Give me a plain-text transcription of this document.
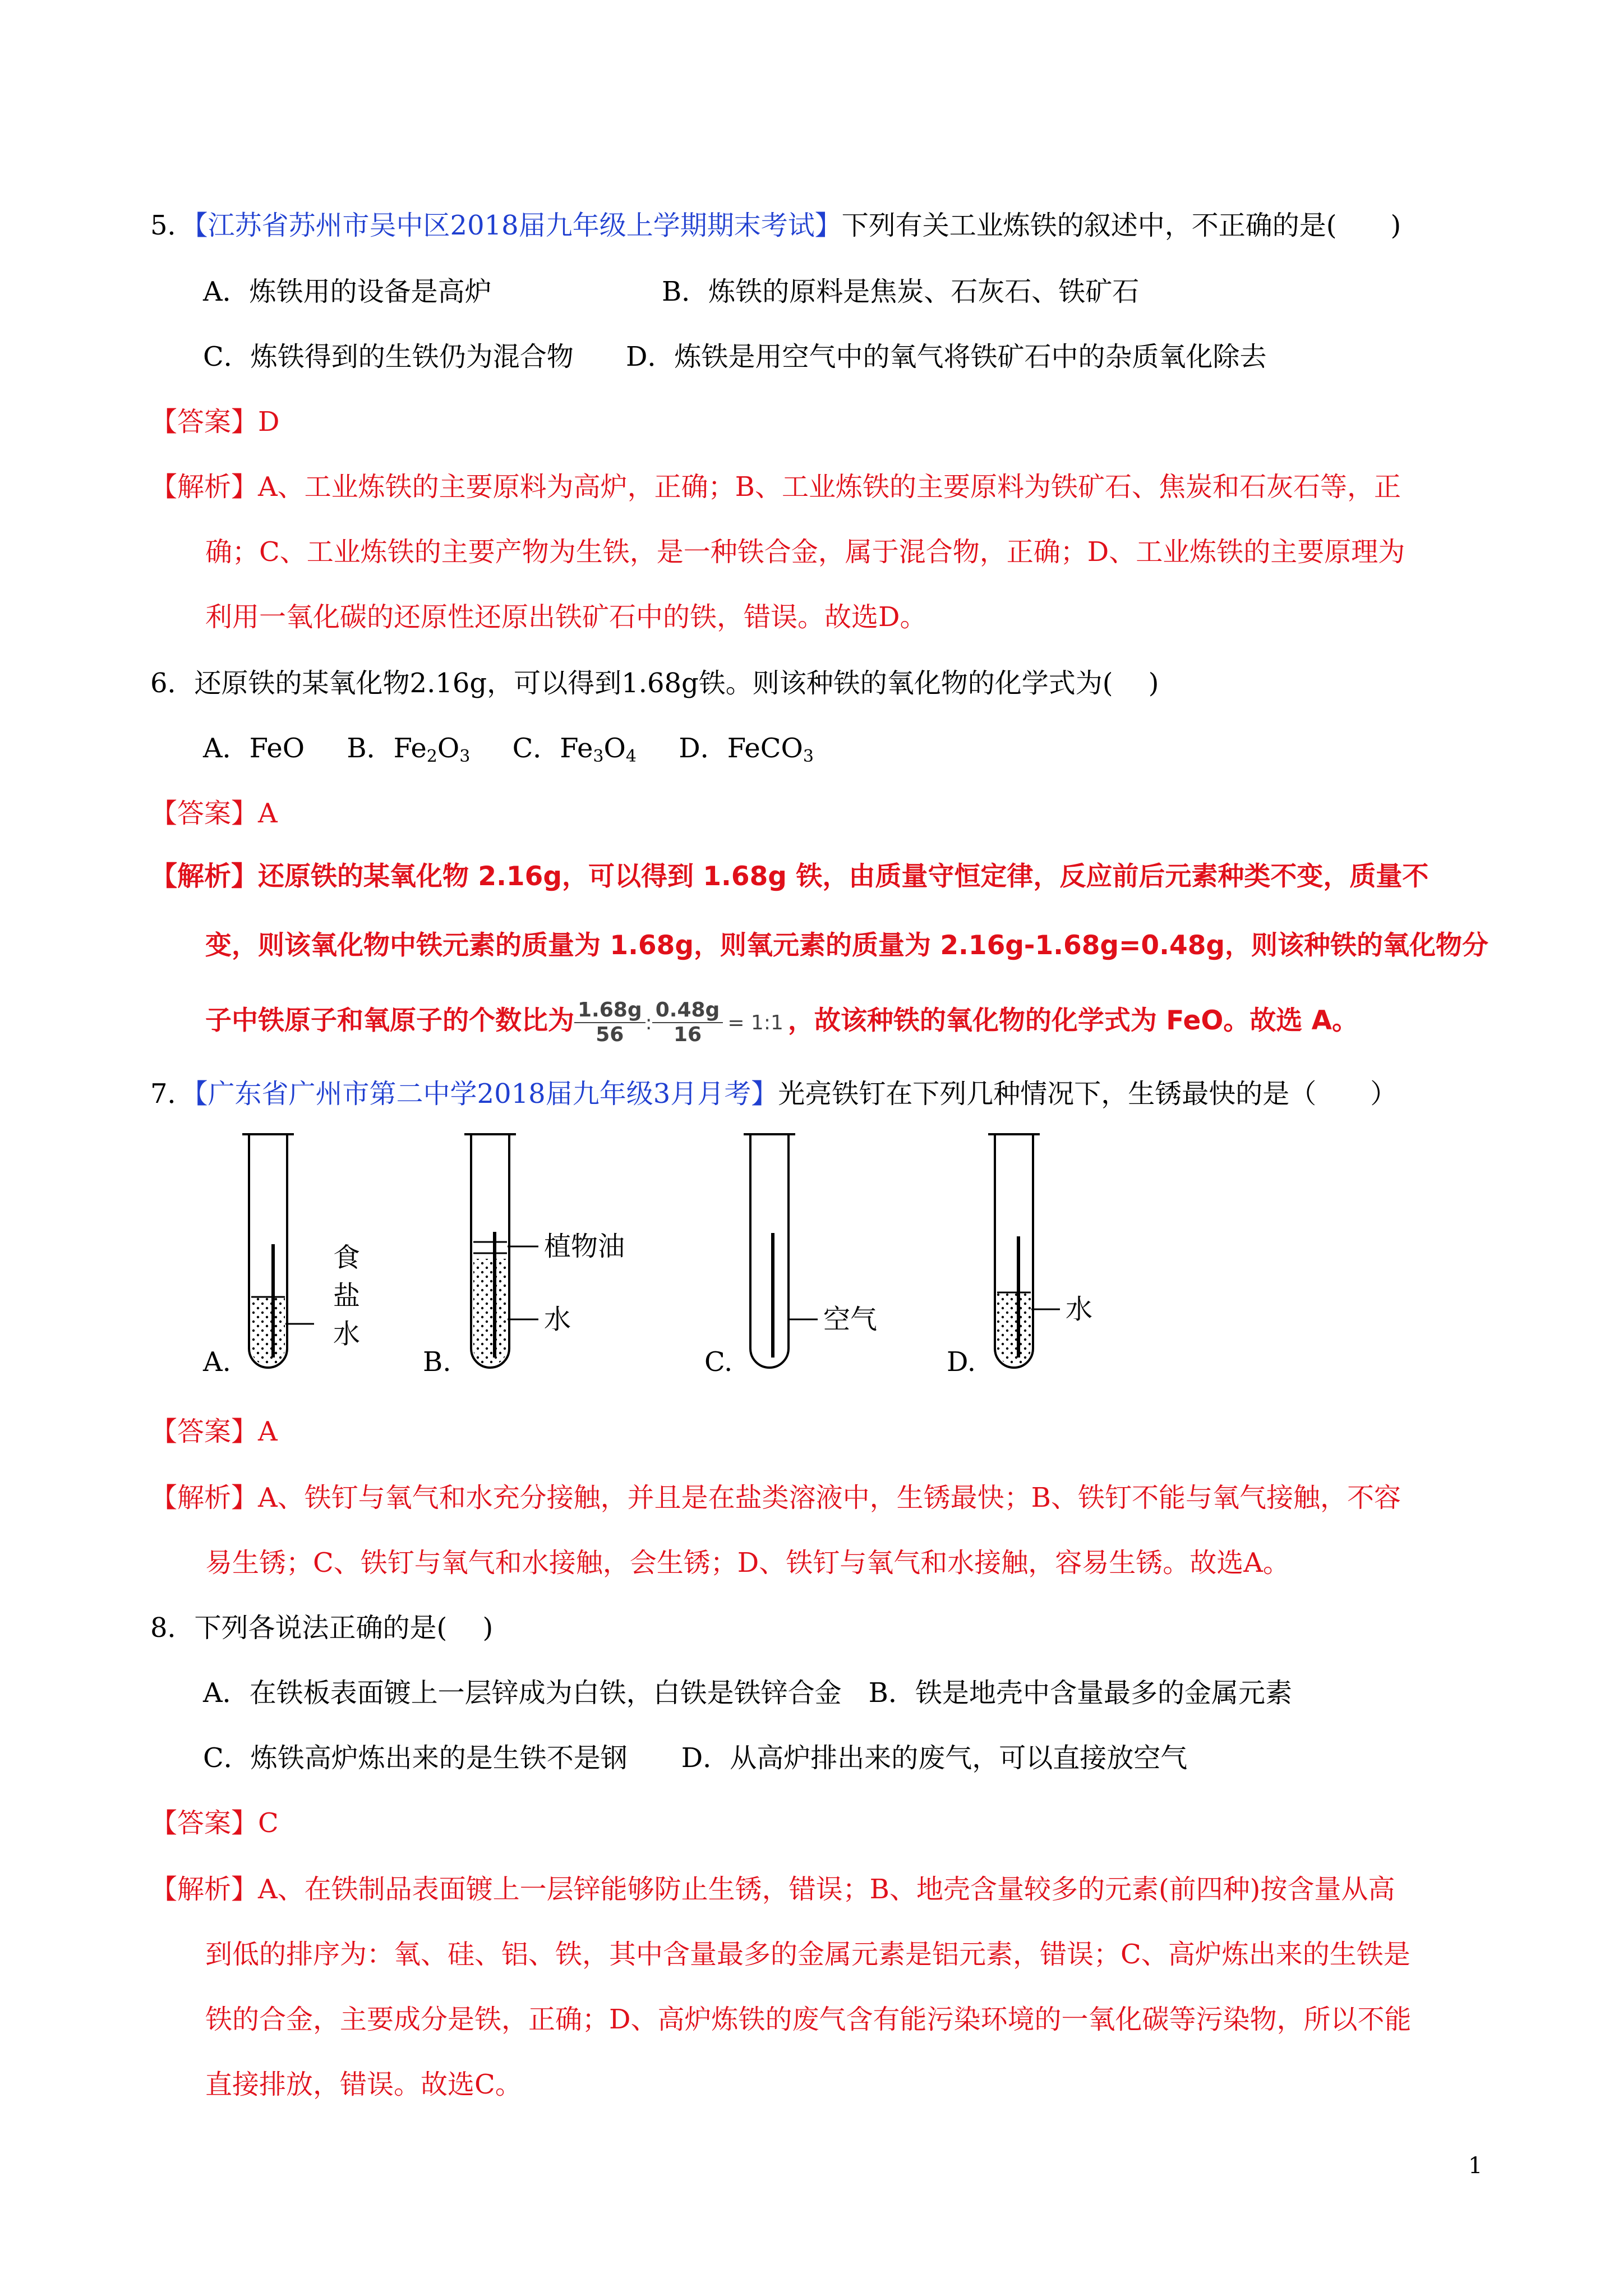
5．【江苏省苏州市吴中区2018届九年级上学期期末考试】下列有关工业炼铁的叙述中，不正确的是(　　)
A．炼铁用的设备是高炉	B．炼铁的原料是焦炭、石灰石、铁矿石
C．炼铁得到的生铁仍为混合物 D．炼铁是用空气中的氧气将铁矿石中的杂质氧化除去
【答案】D
【解析】A、工业炼铁的主要原料为高炉，正确；B、工业炼铁的主要原料为铁矿石、焦炭和石灰石等，正
确；C、工业炼铁的主要产物为生铁，是一种铁合金，属于混合物，正确；D、工业炼铁的主要原理为
利用一氧化碳的还原性还原出铁矿石中的铁，错误。故选D。
6．还原铁的某氧化物2.16g，可以得到1.68g铁。则该种铁的氧化物的化学式为(　 )
A．FeO B．$Fe_2O_3$ C．$Fe_3O_4$ D．FeCO$_3$
【答案】A
【解析】还原铁的某氧化物 2.16g，可以得到 1.68g 铁，由质量守恒定律，反应前后元素种类不变，质量不
变，则该氧化物中铁元素的质量为 1.68g，则氧元素的质量为 2.16g-1.68g=0.48g，则该种铁的氧化物分
子中铁原子和氧原子的个数比为 $\frac{1.68g}{56}$ : $\frac{0.48g}{16}$ = 1:1 ，故该种铁的氧化物的化学式为 FeO。故选 A。
7．【广东省广州市第二中学2018届九年级3月月考】光亮铁钉在下列几种情况下，生锈最快的是（　　）
食
盐
水
植物油
水	空气	水
A.	B.	C.	D.
【答案】A
【解析】A、铁钉与氧气和水充分接触，并且是在盐类溶液中，生锈最快；B、铁钉不能与氧气接触，不容
易生锈；C、铁钉与氧气和水接触，会生锈；D、铁钉与氧气和水接触，容易生锈。故选A。
8．下列各说法正确的是(　 )
A．在铁板表面镀上一层锌成为白铁，白铁是铁锌合金　B．铁是地壳中含量最多的金属元素
C．炼铁高炉炼出来的是生铁不是钢　　D．从高炉排出来的废气，可以直接放空气
【答案】C
【解析】A、在铁制品表面镀上一层锌能够防止生锈，错误；B、地壳含量较多的元素(前四种)按含量从高
到低的排序为：氧、硅、铝、铁，其中含量最多的金属元素是铝元素，错误；C、高炉炼出来的生铁是
铁的合金，主要成分是铁，正确；D、高炉炼铁的废气含有能污染环境的一氧化碳等污染物，所以不能
直接排放，错误。故选C。
1
